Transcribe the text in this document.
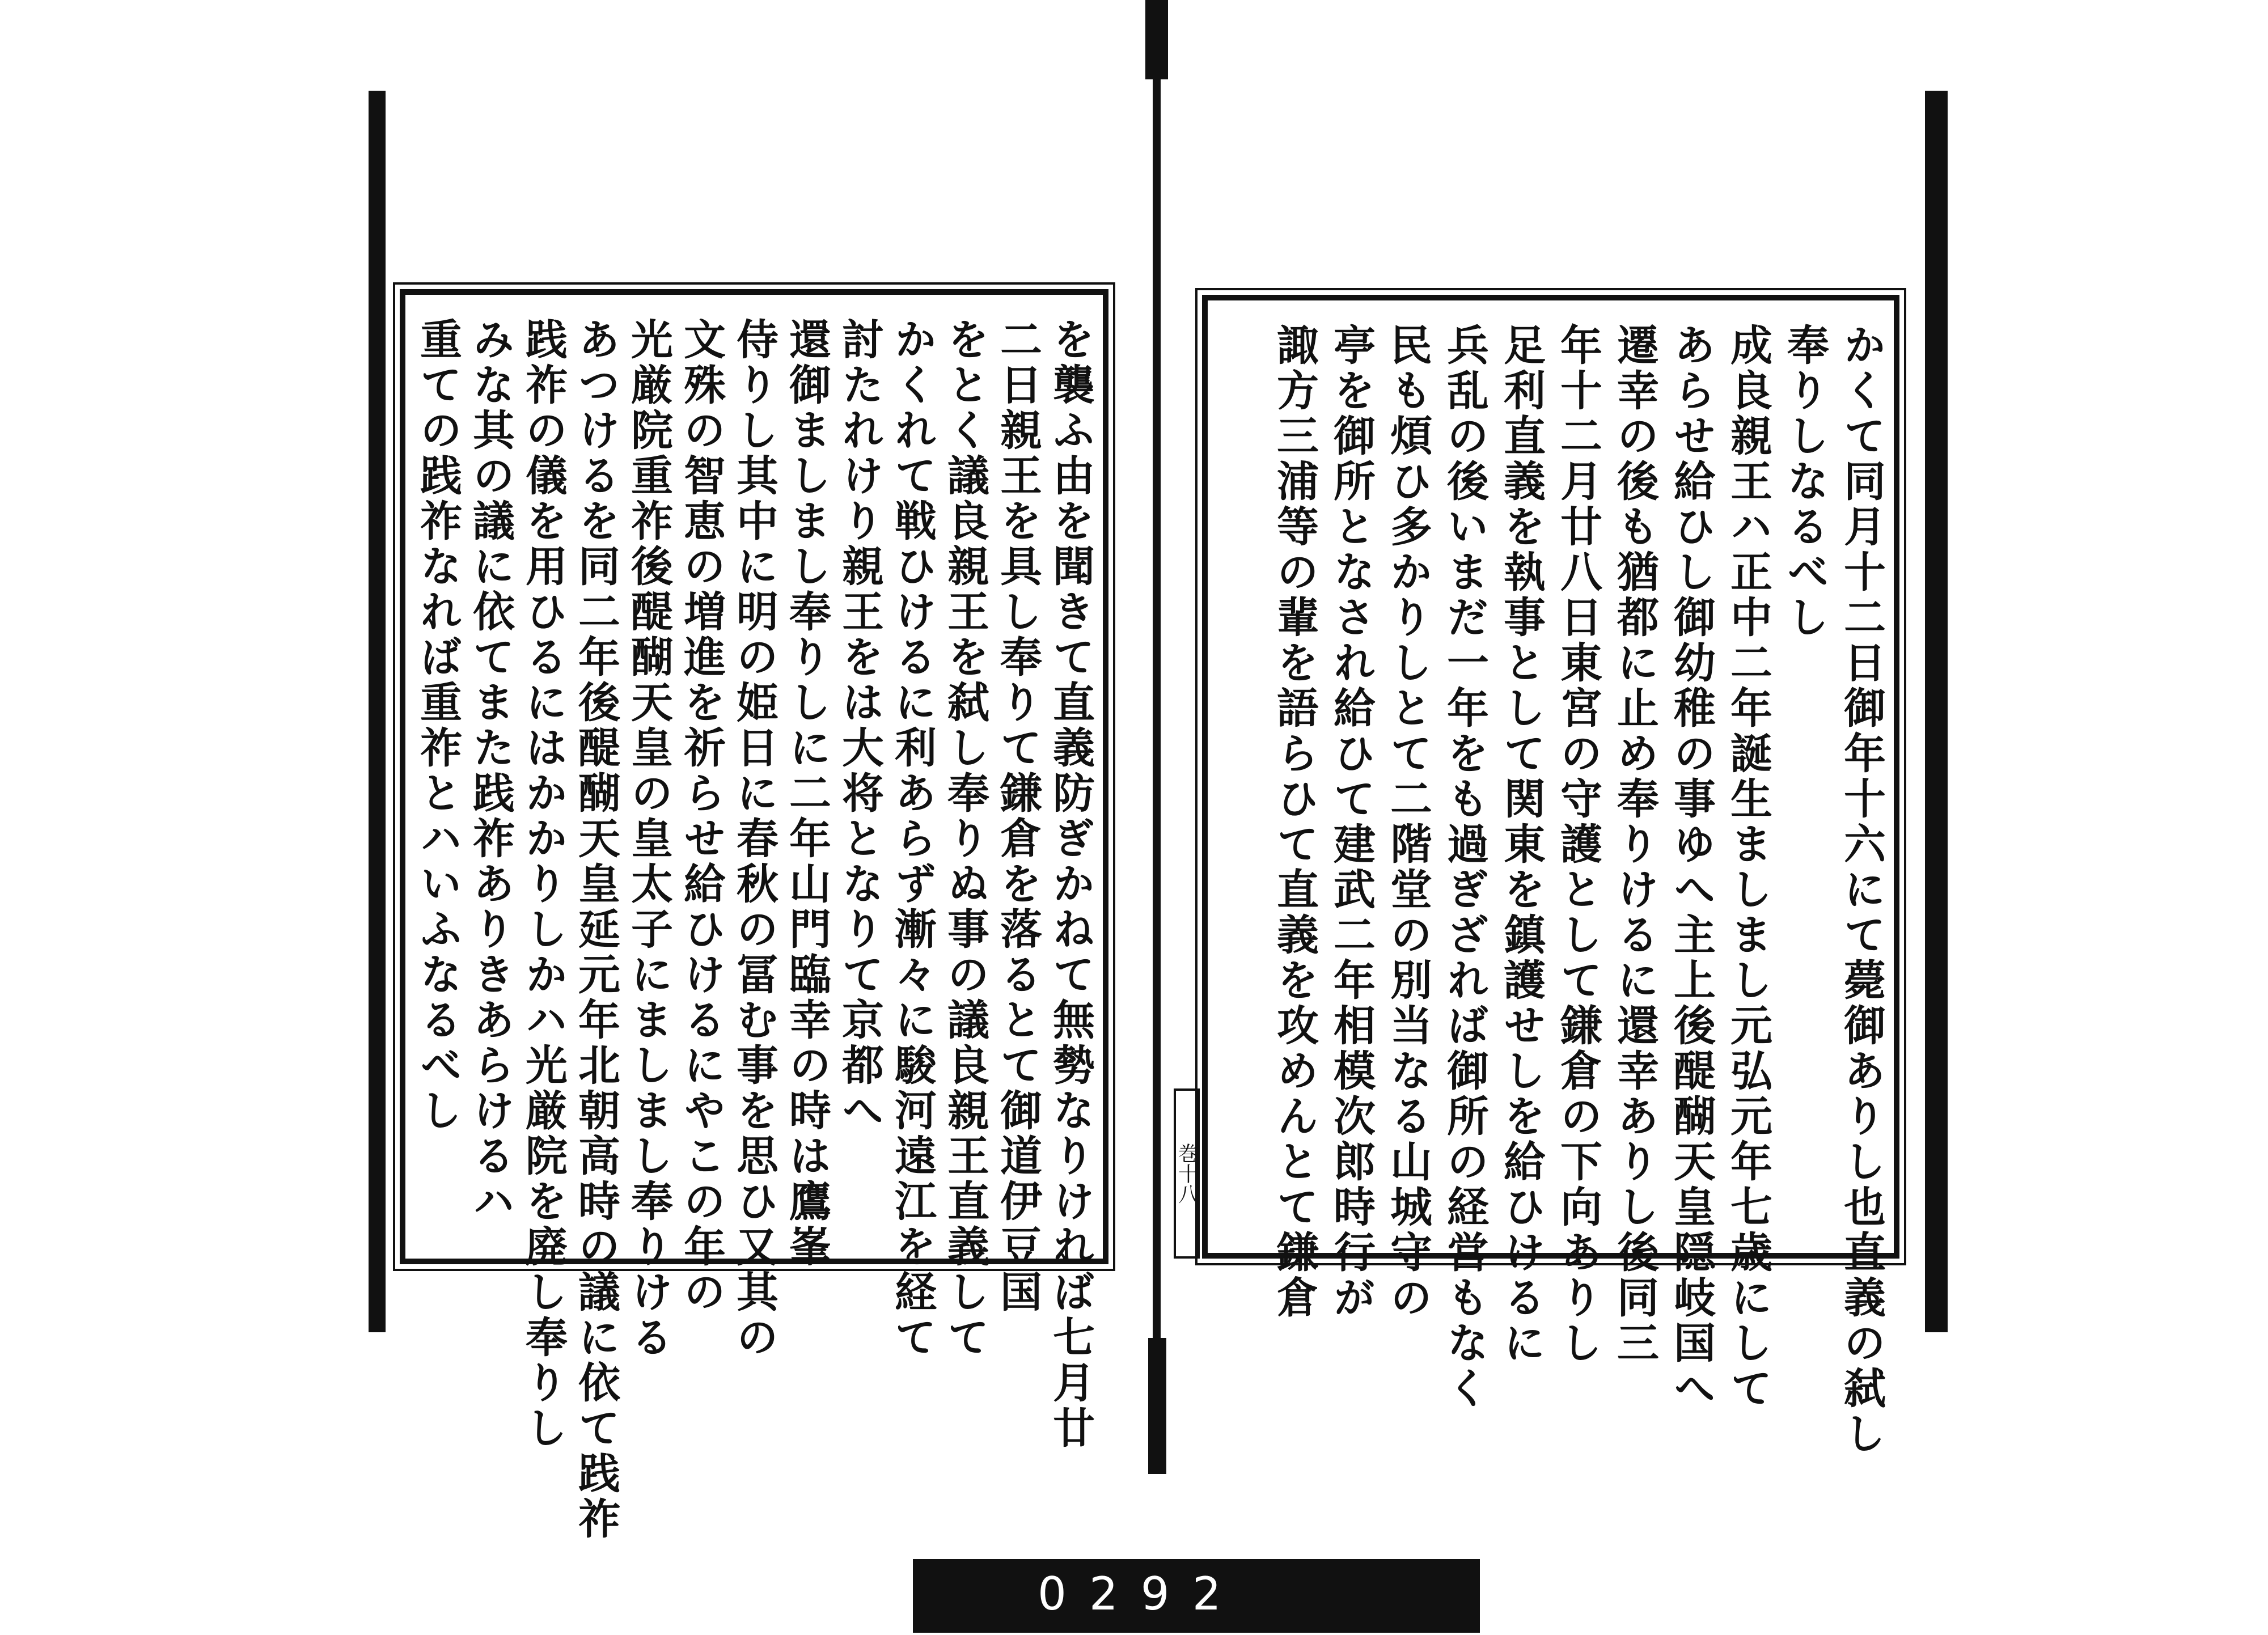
を襲ふ由を聞きて直義防ぎかねて無勢なりければ七月廿
二日親王を具し奉りて鎌倉を落るとて御道伊豆国
をとく議良親王を弑し奉りぬ事の議良親王直義して
かくれて戦ひけるに利あらず漸々に駿河遠江を経て
討たれけり親王をは大将となりて京都へ
還御ましまし奉りしに二年山門臨幸の時は鷹峯
侍りし其中に明の姫日に春秋の冨む事を思ひ又其の
文殊の智恵の増進を祈らせ給ひけるにやこの年の
光厳院重祚後醍醐天皇の皇太子にましまし奉りける
あつけるを同二年後醍醐天皇延元年北朝高時の議に依て践祚
践祚の儀を用ひるにはかかりしかハ光厳院を廃し奉りし
みな其の議に依てまた践祚ありきあらけるハ
重ての践祚なれば重祚とハいふなるべし
巻十八	かくて同月十二日御年十六にて薨御ありし也直義の弑し
奉りしなるべし
成良親王ハ正中二年誕生ましまし元弘元年七歳にして
あらせ給ひし御幼稚の事ゆへ主上後醍醐天皇隠岐国へ
遷幸の後も猶都に止め奉りけるに還幸ありし後同三
年十二月廿八日東宮の守護として鎌倉の下向ありし
足利直義を執事として関東を鎮護せしを給ひけるに
兵乱の後いまだ一年をも過ぎざれば御所の経営もなく
民も煩ひ多かりしとて二階堂の別当なる山城守の
亭を御所となされ給ひて建武二年相模次郎時行が
諏方三浦等の輩を語らひて直義を攻めんとて鎌倉
0292
